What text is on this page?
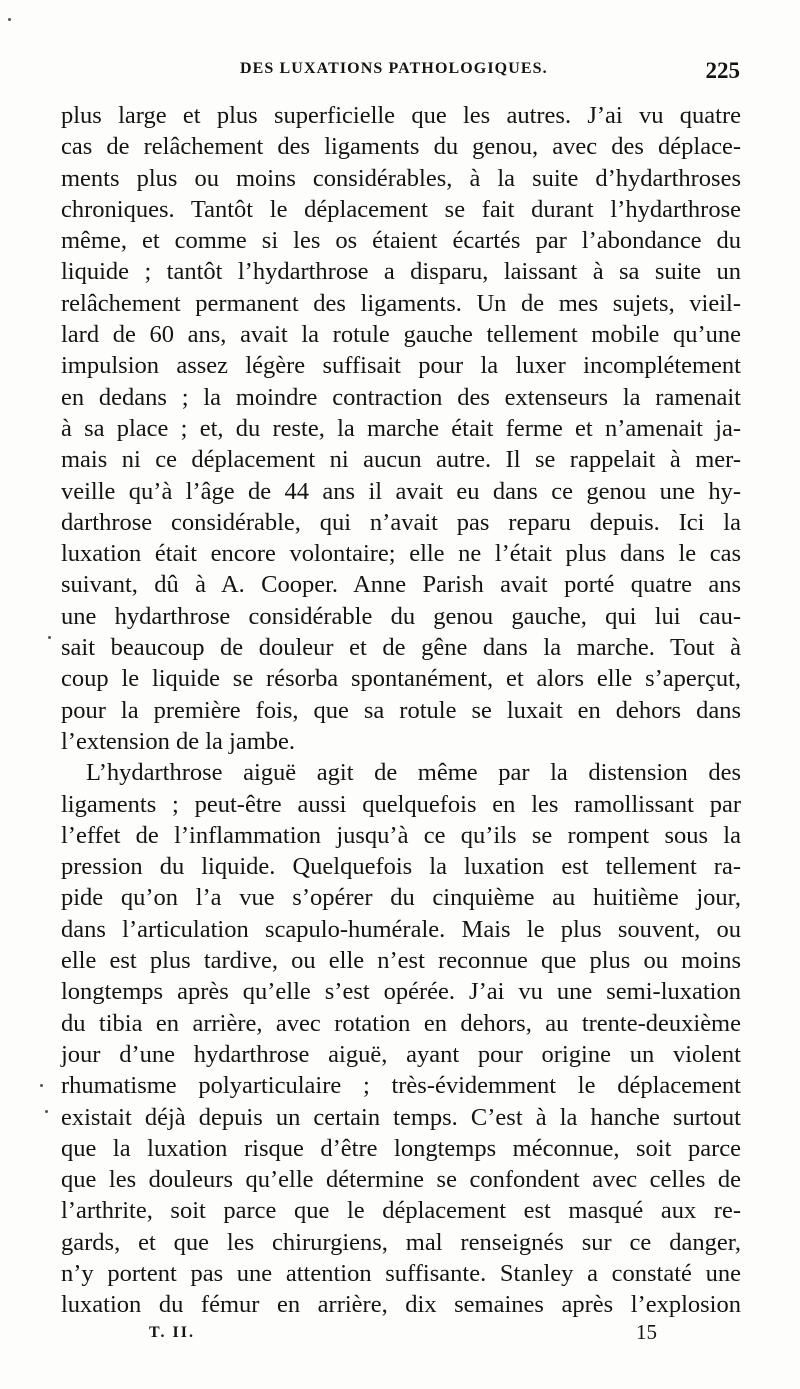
DES LUXATIONS PATHOLOGIQUES.	225
plus large et plus superficielle que les autres. J’ai vu quatre
cas de relâchement des ligaments du genou, avec des déplace-
ments plus ou moins considérables, à la suite d’hydarthroses
chroniques. Tantôt le déplacement se fait durant l’hydarthrose
même, et comme si les os étaient écartés par l’abondance du
liquide ; tantôt l’hydarthrose a disparu, laissant à sa suite un
relâchement permanent des ligaments. Un de mes sujets, vieil-
lard de 60 ans, avait la rotule gauche tellement mobile qu’une
impulsion assez légère suffisait pour la luxer incomplétement
en dedans ; la moindre contraction des extenseurs la ramenait
à sa place ; et, du reste, la marche était ferme et n’amenait ja-
mais ni ce déplacement ni aucun autre. Il se rappelait à mer-
veille qu’à l’âge de 44 ans il avait eu dans ce genou une hy-
darthrose considérable, qui n’avait pas reparu depuis. Ici la
luxation était encore volontaire; elle ne l’était plus dans le cas
suivant, dû à A. Cooper. Anne Parish avait porté quatre ans
une hydarthrose considérable du genou gauche, qui lui cau-
sait beaucoup de douleur et de gêne dans la marche. Tout à
coup le liquide se résorba spontanément, et alors elle s’aperçut,
pour la première fois, que sa rotule se luxait en dehors dans
l’extension de la jambe.
L’hydarthrose aiguë agit de même par la distension des
ligaments ; peut-être aussi quelquefois en les ramollissant par
l’effet de l’inflammation jusqu’à ce qu’ils se rompent sous la
pression du liquide. Quelquefois la luxation est tellement ra-
pide qu’on l’a vue s’opérer du cinquième au huitième jour,
dans l’articulation scapulo-humérale. Mais le plus souvent, ou
elle est plus tardive, ou elle n’est reconnue que plus ou moins
longtemps après qu’elle s’est opérée. J’ai vu une semi-luxation
du tibia en arrière, avec rotation en dehors, au trente-deuxième
jour d’une hydarthrose aiguë, ayant pour origine un violent
rhumatisme polyarticulaire ; très-évidemment le déplacement
existait déjà depuis un certain temps. C’est à la hanche surtout
que la luxation risque d’être longtemps méconnue, soit parce
que les douleurs qu’elle détermine se confondent avec celles de
l’arthrite, soit parce que le déplacement est masqué aux re-
gards, et que les chirurgiens, mal renseignés sur ce danger,
n’y portent pas une attention suffisante. Stanley a constaté une
luxation du fémur en arrière, dix semaines après l’explosion
T. II.	15
